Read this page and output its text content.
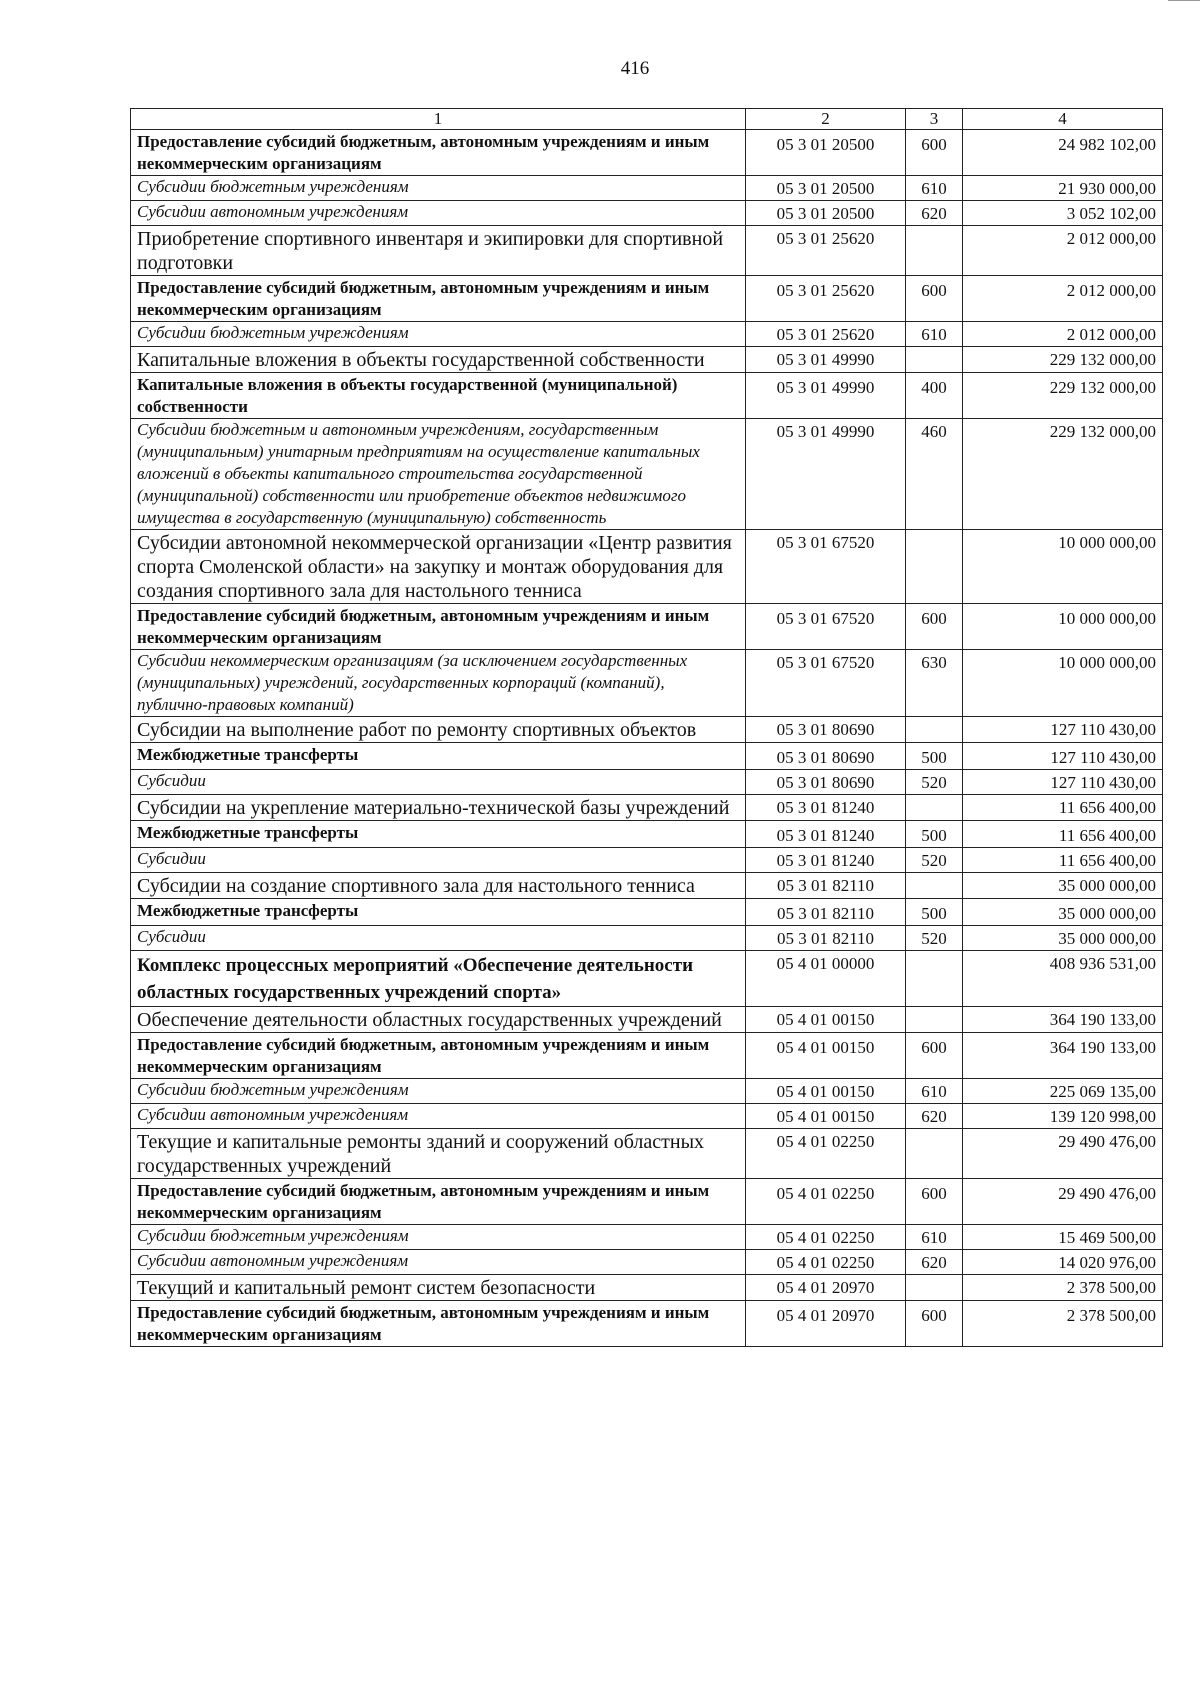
416
1	2	3	4
Предоставление субсидий бюджетным, автономным учреждениям и иным некоммерческим организациям	05 3 01 20500	600	24 982 102,00
Субсидии бюджетным учреждениям	05 3 01 20500	610	21 930 000,00
Субсидии автономным учреждениям	05 3 01 20500	620	3 052 102,00
Приобретение спортивного инвентаря и экипировки для спортивной подготовки	05 3 01 25620		2 012 000,00
Предоставление субсидий бюджетным, автономным учреждениям и иным некоммерческим организациям	05 3 01 25620	600	2 012 000,00
Субсидии бюджетным учреждениям	05 3 01 25620	610	2 012 000,00
Капитальные вложения в объекты государственной собственности	05 3 01 49990		229 132 000,00
Капитальные вложения в объекты государственной (муниципальной) собственности	05 3 01 49990	400	229 132 000,00
Субсидии бюджетным и автономным учреждениям, государственным (муниципальным) унитарным предприятиям на осуществление капитальных вложений в объекты капитального строительства государственной (муниципальной) собственности или приобретение объектов недвижимого имущества в государственную (муниципальную) собственность	05 3 01 49990	460	229 132 000,00
Субсидии автономной некоммерческой организации «Центр развития спорта Смоленской области» на закупку и монтаж оборудования для создания спортивного зала для настольного тенниса	05 3 01 67520		10 000 000,00
Предоставление субсидий бюджетным, автономным учреждениям и иным некоммерческим организациям	05 3 01 67520	600	10 000 000,00
Субсидии некоммерческим организациям (за исключением государственных (муниципальных) учреждений, государственных корпораций (компаний), публично-правовых компаний)	05 3 01 67520	630	10 000 000,00
Субсидии на выполнение работ по ремонту спортивных объектов	05 3 01 80690		127 110 430,00
Межбюджетные трансферты	05 3 01 80690	500	127 110 430,00
Субсидии	05 3 01 80690	520	127 110 430,00
Субсидии на укрепление материально-технической базы учреждений	05 3 01 81240		11 656 400,00
Межбюджетные трансферты	05 3 01 81240	500	11 656 400,00
Субсидии	05 3 01 81240	520	11 656 400,00
Субсидии на создание спортивного зала для настольного тенниса	05 3 01 82110		35 000 000,00
Межбюджетные трансферты	05 3 01 82110	500	35 000 000,00
Субсидии	05 3 01 82110	520	35 000 000,00
Комплекс процессных мероприятий «Обеспечение деятельности областных государственных учреждений спорта»	05 4 01 00000		408 936 531,00
Обеспечение деятельности областных государственных учреждений	05 4 01 00150		364 190 133,00
Предоставление субсидий бюджетным, автономным учреждениям и иным некоммерческим организациям	05 4 01 00150	600	364 190 133,00
Субсидии бюджетным учреждениям	05 4 01 00150	610	225 069 135,00
Субсидии автономным учреждениям	05 4 01 00150	620	139 120 998,00
Текущие и капитальные ремонты зданий и сооружений областных государственных учреждений	05 4 01 02250		29 490 476,00
Предоставление субсидий бюджетным, автономным учреждениям и иным некоммерческим организациям	05 4 01 02250	600	29 490 476,00
Субсидии бюджетным учреждениям	05 4 01 02250	610	15 469 500,00
Субсидии автономным учреждениям	05 4 01 02250	620	14 020 976,00
Текущий и капитальный ремонт систем безопасности	05 4 01 20970		2 378 500,00
Предоставление субсидий бюджетным, автономным учреждениям и иным некоммерческим организациям	05 4 01 20970	600	2 378 500,00
